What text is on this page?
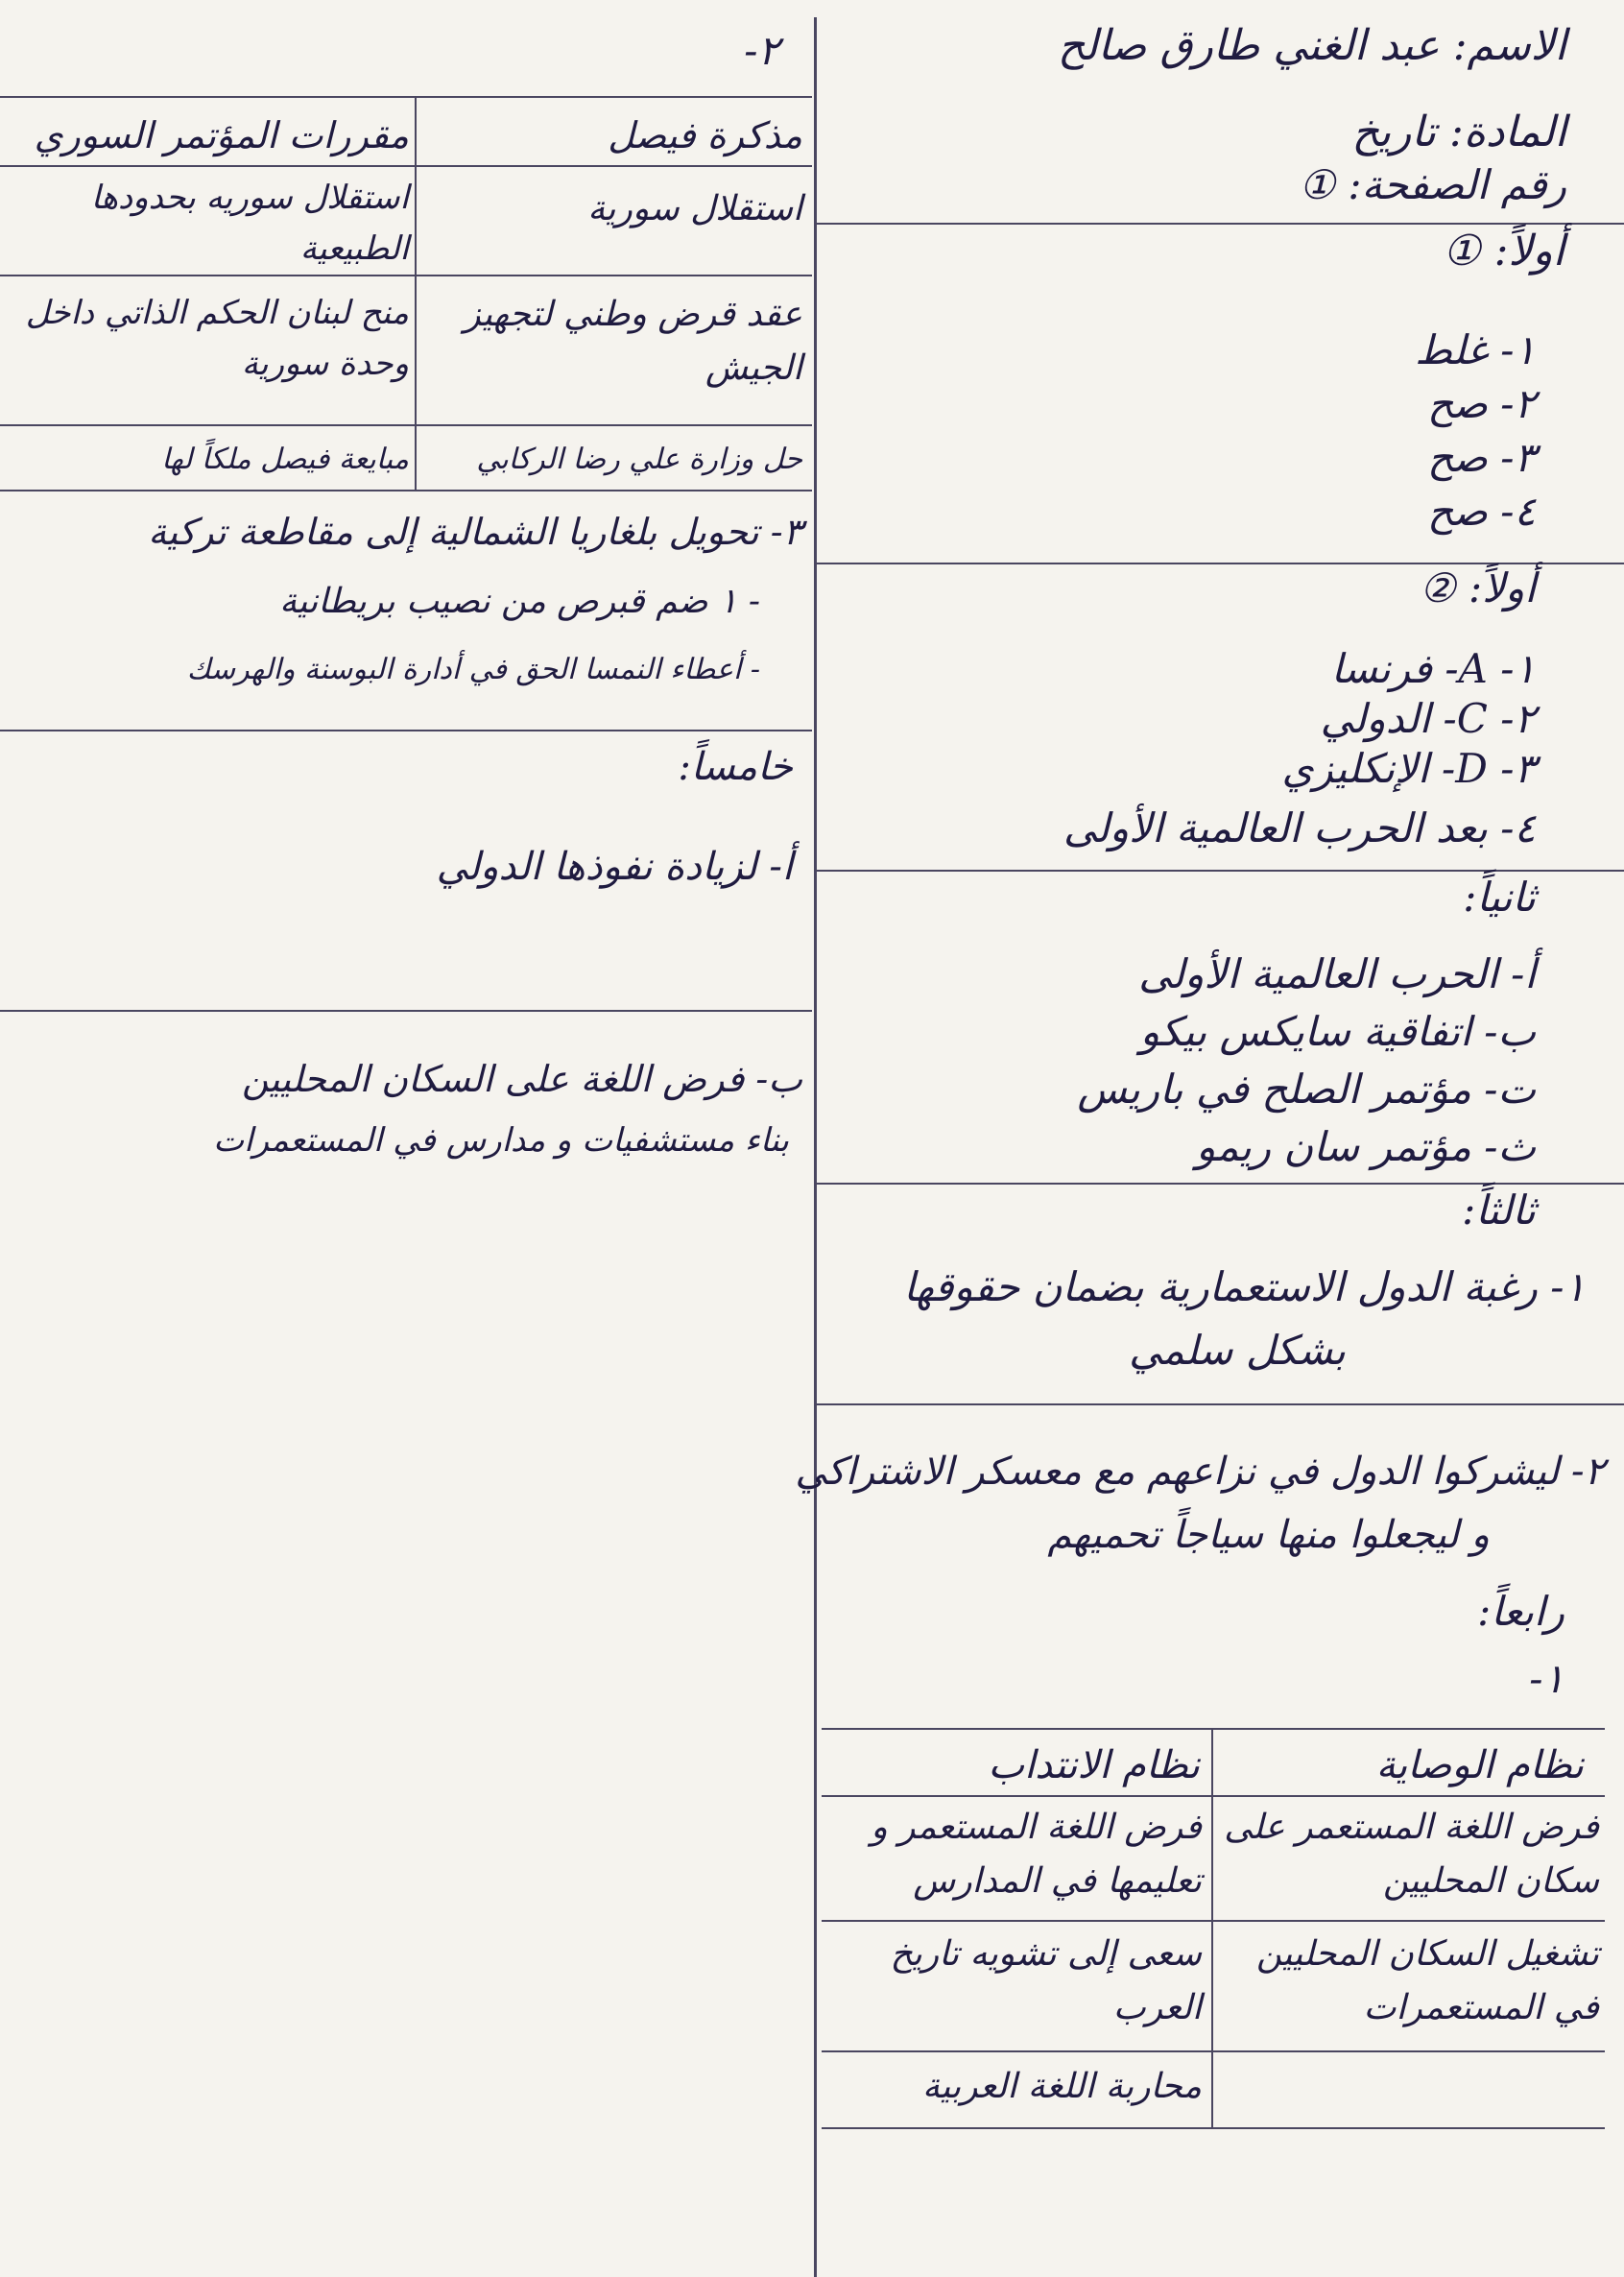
الاسم: عبد الغني طارق صالح
المادة: تاريخ
رقم الصفحة: ①
أولاً: ①
١- غلط
٢- صح
٣- صح
٤- صح
أولاً: ②
١- A- فرنسا
٢- C- الدولي
٣- D- الإنكليزي
٤- بعد الحرب العالمية الأولى
ثانياً:
أ- الحرب العالمية الأولى
ب- اتفاقية سايكس بيكو
ت- مؤتمر الصلح في باريس
ث- مؤتمر سان ريمو
ثالثاً:
١- رغبة الدول الاستعمارية بضمان حقوقها
بشكل سلمي
٢- ليشركوا الدول في نزاعهم مع معسكر الاشتراكي
و ليجعلوا منها سياجاً تحميهم
رابعاً:
١-
نظام الوصاية
نظام الانتداب
فرض اللغة المستعمر على سكان المحليين
فرض اللغة المستعمر و تعليمها في المدارس
تشغيل السكان المحليين في المستعمرات
سعى إلى تشويه تاريخ العرب
محاربة اللغة العربية
٢-
مذكرة فيصل
مقررات المؤتمر السوري
استقلال سورية
استقلال سوريه بحدودها الطبيعية
عقد قرض وطني لتجهيز الجيش
منح لبنان الحكم الذاتي داخل وحدة سورية
حل وزارة علي رضا الركابي
مبايعة فيصل ملكاً لها
٣- تحويل بلغاريا الشمالية إلى مقاطعة تركية
- ١ ضم قبرص من نصيب بريطانية
- أعطاء النمسا الحق في أدارة البوسنة والهرسك
خامساً:
أ- لزيادة نفوذها الدولي
ب- فرض اللغة على السكان المحليين
بناء مستشفيات و مدارس في المستعمرات
